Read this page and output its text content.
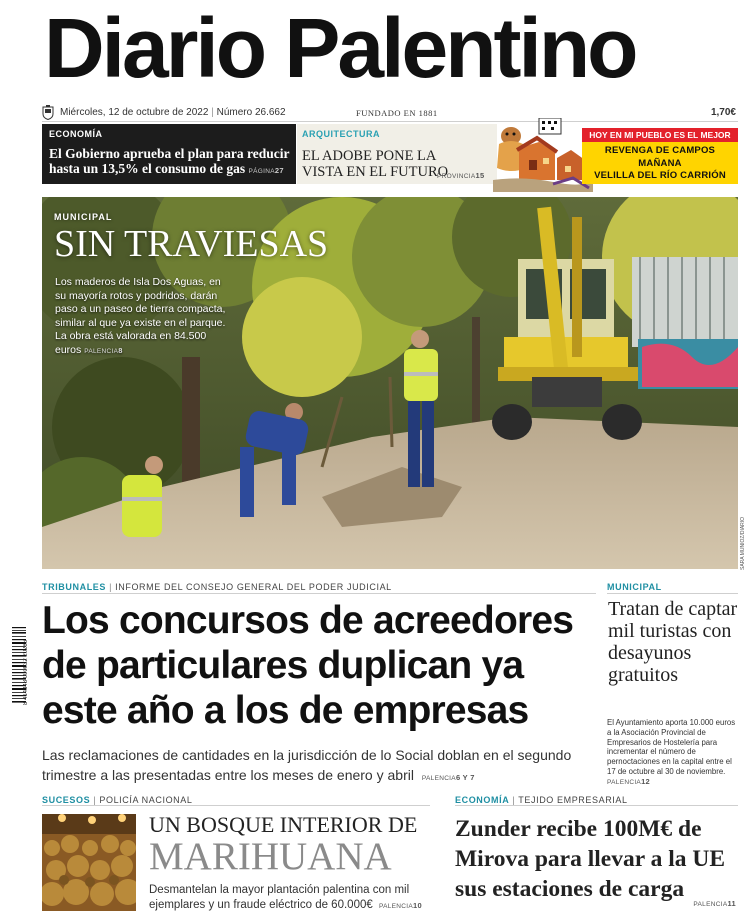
Diario Palentino
Miércoles, 12 de octubre de 2022 | Número 26.662	FUNDADO EN 1881	1,70€
ECONOMÍA
El Gobierno aprueba el plan para reducir hasta un 13,5% el consumo de gas PÁGINA27
ARQUITECTURA
EL ADOBE PONE LA VISTA EN EL FUTURO
PROVINCIA15
HOY EN MI PUEBLO ES EL MEJOR
REVENGA DE CAMPOS
MAÑANA
VELILLA DEL RÍO CARRIÓN
MUNICIPAL
SIN TRAVIESAS
Los maderos de Isla Dos Aguas, en su mayoría rotos y podridos, darán paso a un paseo de tierra compacta, similar al que ya existe en el parque. La obra está valorada en 84.500 euros PALENCIA8
SARA MUNIOZ/DIARIO
8 414348 000032 20286
TRIBUNALES | INFORME DEL CONSEJO GENERAL DEL PODER JUDICIAL
Los concursos de acreedores de particulares duplican ya este año a los de empresas
Las reclamaciones de cantidades en la jurisdicción de lo Social doblan en el segundo trimestre a las presentadas entre los meses de enero y abril PALENCIA6 Y 7
MUNICIPAL
Tratan de captar mil turistas con desayunos gratuitos
El Ayuntamiento aporta 10.000 euros a la Asociación Provincial de Empresarios de Hostelería para incrementar el número de pernoctaciones en la capital entre el 17 de octubre al 30 de noviembre. PALENCIA12
SUCESOS | POLICÍA NACIONAL
UN BOSQUE INTERIOR DE
MARIHUANA
Desmantelan la mayor plantación palentina con mil ejemplares y un fraude eléctrico de 60.000€ PALENCIA10
ECONOMÍA | TEJIDO EMPRESARIAL
Zunder recibe 100M€ de Mirova para llevar a la UE sus estaciones de carga
PALENCIA11
